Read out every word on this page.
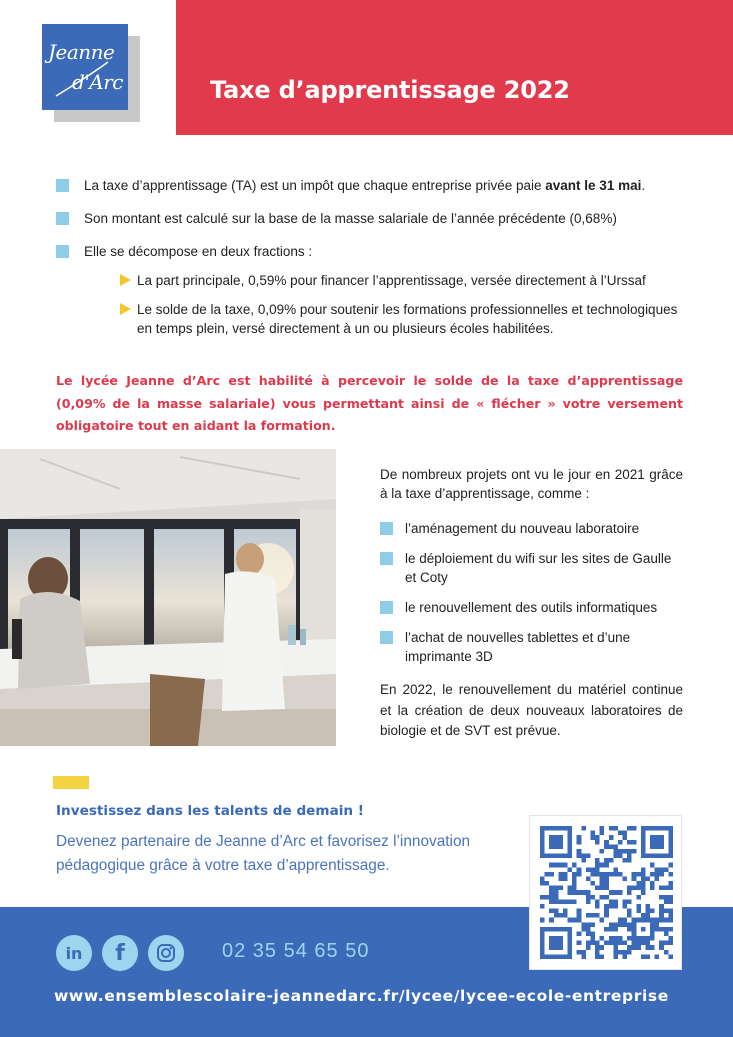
Jeanne
d'Arc	Taxe d’apprentissage 2022
La taxe d’apprentissage (TA) est un impôt que chaque entreprise privée paie avant le 31 mai.
Son montant est calculé sur la base de la masse salariale de l’année précédente (0,68%)
Elle se décompose en deux fractions :
La part principale, 0,59% pour financer l’apprentissage, versée directement à l’Urssaf
Le solde de la taxe, 0,09% pour soutenir les formations professionnelles et technologiques en temps plein, versé directement à un ou plusieurs écoles habilitées.

Le lycée Jeanne d’Arc est habilité à percevoir le solde de la taxe d’apprentissage (0,09% de la masse salariale) vous permettant ainsi de « flécher » votre versement obligatoire tout en aidant la formation.

De nombreux projets ont vu le jour en 2021 grâce à la taxe d’apprentissage, comme :

l’aménagement du nouveau laboratoire
le déploiement du wifi sur les sites de Gaulle et Coty
le renouvellement des outils informatiques
l’achat de nouvelles tablettes et d’une imprimante 3D

En 2022, le renouvellement du matériel continue et la création de deux nouveaux laboratoires de biologie et de SVT est prévue.

Investissez dans les talents de demain !

Devenez partenaire de Jeanne d’Arc et favorisez l’innovation pédagogique grâce à votre taxe d’apprentissage.

in f	02 35 54 65 50
www.ensemblescolaire-jeannedarc.fr/lycee/lycee-ecole-entreprise
